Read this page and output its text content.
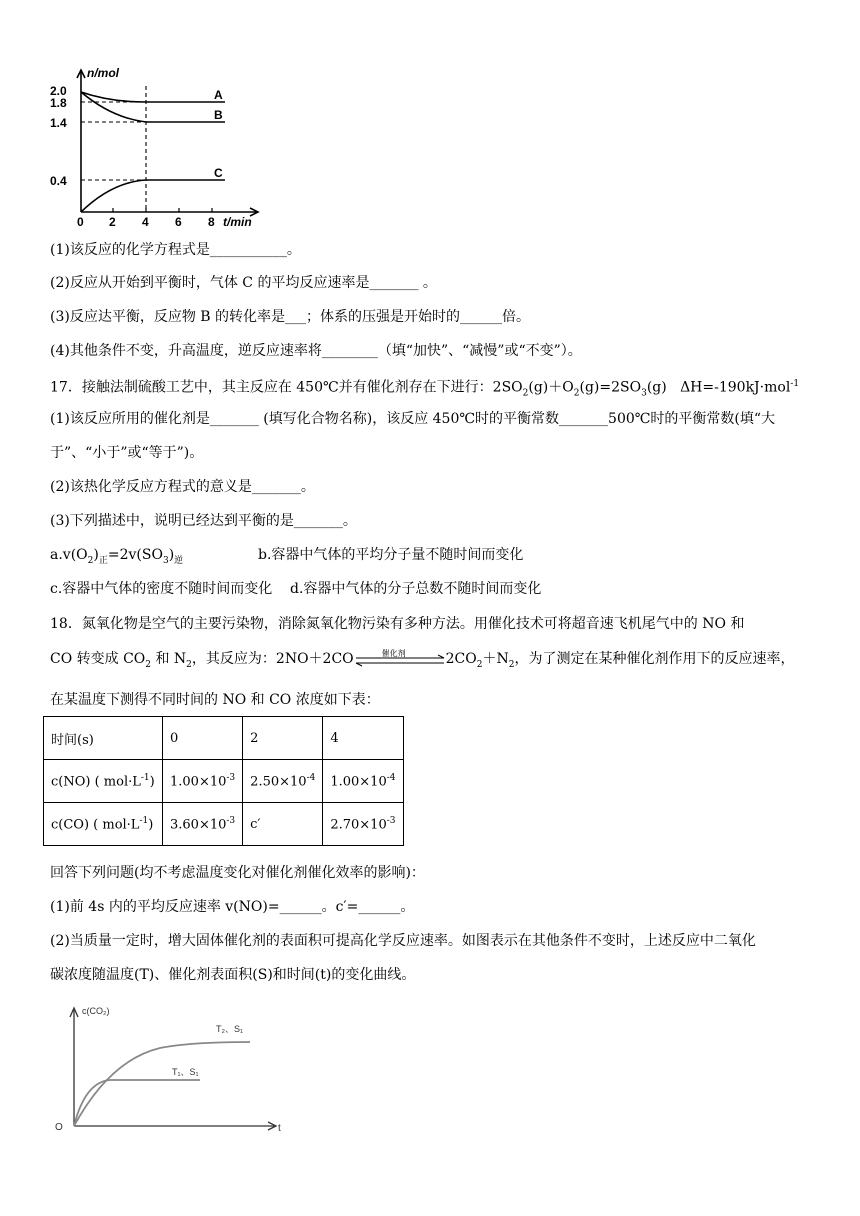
n/mol
2.0
1.8
1.4
0.4
0 2 4 6 8 t/min
A
B
C
(1)该反应的化学方程式是___________。
(2)反应从开始到平衡时，气体 C 的平均反应速率是_______ 。
(3)反应达平衡，反应物 B 的转化率是___；体系的压强是开始时的______倍。
(4)其他条件不变，升高温度，逆反应速率将________（填“加快”、“减慢”或“不变”）。
17．接触法制硫酸工艺中，其主反应在 450℃并有催化剂存在下进行：$2SO_2(g)+O_2(g)=2SO_3(g)$ ΔH=-190kJ·mol$^{-1}$
(1)该反应所用的催化剂是_______ (填写化合物名称)，该反应 450℃时的平衡常数_______500℃时的平衡常数(填“大
于”、“小于”或“等于”)。
(2)该热化学反应方程式的意义是_______。
(3)下列描述中，说明已经达到平衡的是_______。
$a.v(O_2)_正=2v(SO_3)_逆$	b.容器中气体的平均分子量不随时间而变化
c.容器中气体的密度不随时间而变化 d.容器中气体的分子总数不随时间而变化
18．氮氧化物是空气的主要污染物，消除氮氧化物污染有多种方法。用催化技术可将超音速飞机尾气中的 NO 和
CO 转变成 $CO_2$ 和 $N_2$，其反应为：2NO＋2CO	催化剂	$2CO_2+N_2$，为了测定在某种催化剂作用下的反应速率，
在某温度下测得不同时间的 NO 和 CO 浓度如下表：
时间(s)	0	2	4
c(NO) ( $mol\cdot L^{-1}$)	$1.00\times 10^{-3}$	$2.50\times 10^{-4}$	$1.00\times 10^{-4}$
c(CO) ( $mol\cdot L^{-1}$)	$3.60\times 10^{-3}$	c′	$2.70\times 10^{-3}$
回答下列问题(均不考虑温度变化对催化剂催化效率的影响)：
(1)前 4s 内的平均反应速率 v(NO)=______。c′=______。
(2)当质量一定时，增大固体催化剂的表面积可提高化学反应速率。如图表示在其他条件不变时，上述反应中二氧化
碳浓度随温度(T)、催化剂表面积(S)和时间(t)的变化曲线。
c(CO₂)
O	t
T₂、S₁
T₁、S₁
